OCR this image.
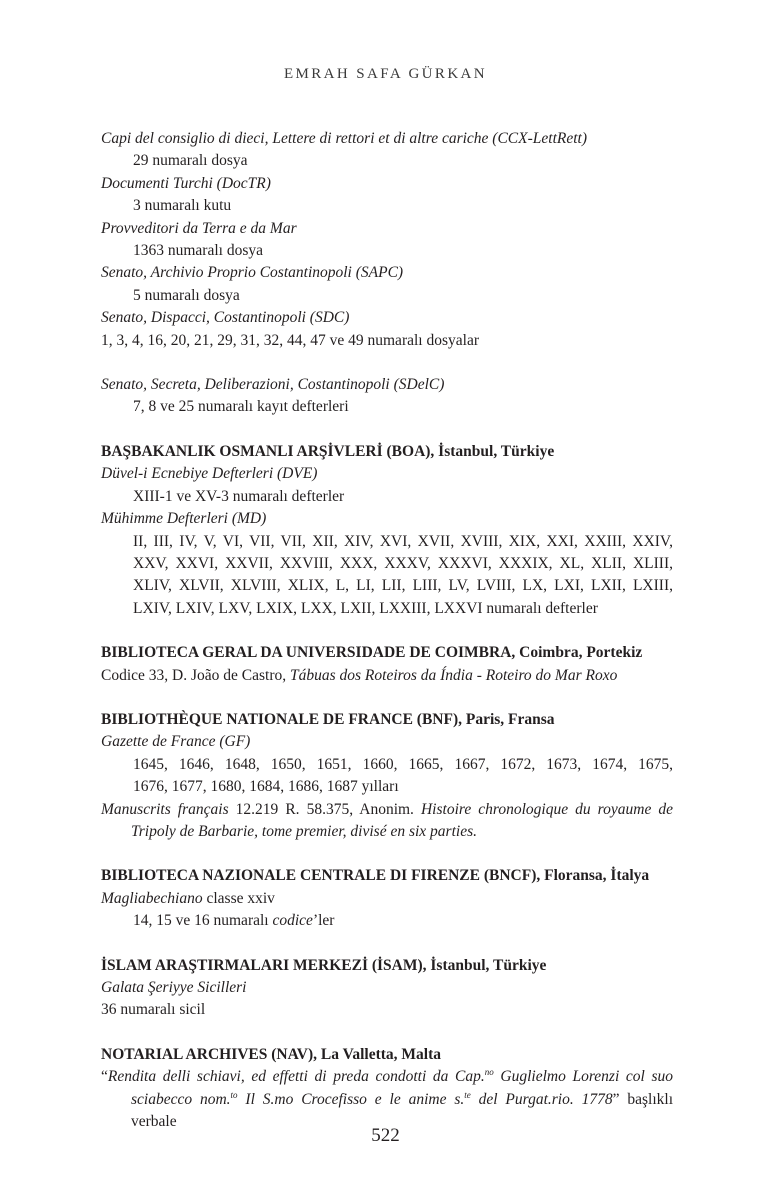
EMRAH SAFA GÜRKAN
Capi del consiglio di dieci, Lettere di rettori et di altre cariche (CCX-LettRett)
29 numaralı dosya
Documenti Turchi (DocTR)
3 numaralı kutu
Provveditori da Terra e da Mar
1363 numaralı dosya
Senato, Archivio Proprio Costantinopoli (SAPC)
5 numaralı dosya
Senato, Dispacci, Costantinopoli (SDC)
1, 3, 4, 16, 20, 21, 29, 31, 32, 44, 47 ve 49 numaralı dosyalar
Senato, Secreta, Deliberazioni, Costantinopoli (SDelC)
7, 8 ve 25 numaralı kayıt defterleri
BAŞBAKANLIK OSMANLI ARŞİVLERİ (BOA), İstanbul, Türkiye
Düvel-i Ecnebiye Defterleri (DVE)
XIII-1 ve XV-3 numaralı defterler
Mühimme Defterleri (MD)
II, III, IV, V, VI, VII, VII, XII, XIV, XVI, XVII, XVIII, XIX, XXI, XXIII, XXIV,
XXV, XXVI, XXVII, XXVIII, XXX, XXXV, XXXVI, XXXIX, XL, XLII, XLIII,
XLIV, XLVII, XLVIII, XLIX, L, LI, LII, LIII, LV, LVIII, LX, LXI, LXII, LXIII,
LXIV, LXIV, LXV, LXIX, LXX, LXII, LXXIII, LXXVI numaralı defterler
BIBLIOTECA GERAL DA UNIVERSIDADE DE COIMBRA, Coimbra, Portekiz
Codice 33, D. João de Castro, Tábuas dos Roteiros da Índia - Roteiro do Mar Roxo
BIBLIOTHÈQUE NATIONALE DE FRANCE (BNF), Paris, Fransa
Gazette de France (GF)
1645, 1646, 1648, 1650, 1651, 1660, 1665, 1667, 1672, 1673, 1674, 1675,
1676, 1677, 1680, 1684, 1686, 1687 yılları
Manuscrits français 12.219 R. 58.375, Anonim. Histoire chronologique du royaume de Tripoly de Barbarie, tome premier, divisé en six parties.
BIBLIOTECA NAZIONALE CENTRALE DI FIRENZE (BNCF), Floransa, İtalya
Magliabechiano classe xxiv
14, 15 ve 16 numaralı codice’ler
İSLAM ARAŞTIRMALARI MERKEZİ (İSAM), İstanbul, Türkiye
Galata Şeriyye Sicilleri
36 numaralı sicil
NOTARIAL ARCHIVES (NAV), La Valletta, Malta
“Rendita delli schiavi, ed effetti di preda condotti da Cap.$^{no}$ Guglielmo Lorenzi col suo sciabecco nom.$^{to}$ Il S.mo Crocefisso e le anime s.$^{te}$ del Purgat.rio. 1778” başlıklı verbale
522
